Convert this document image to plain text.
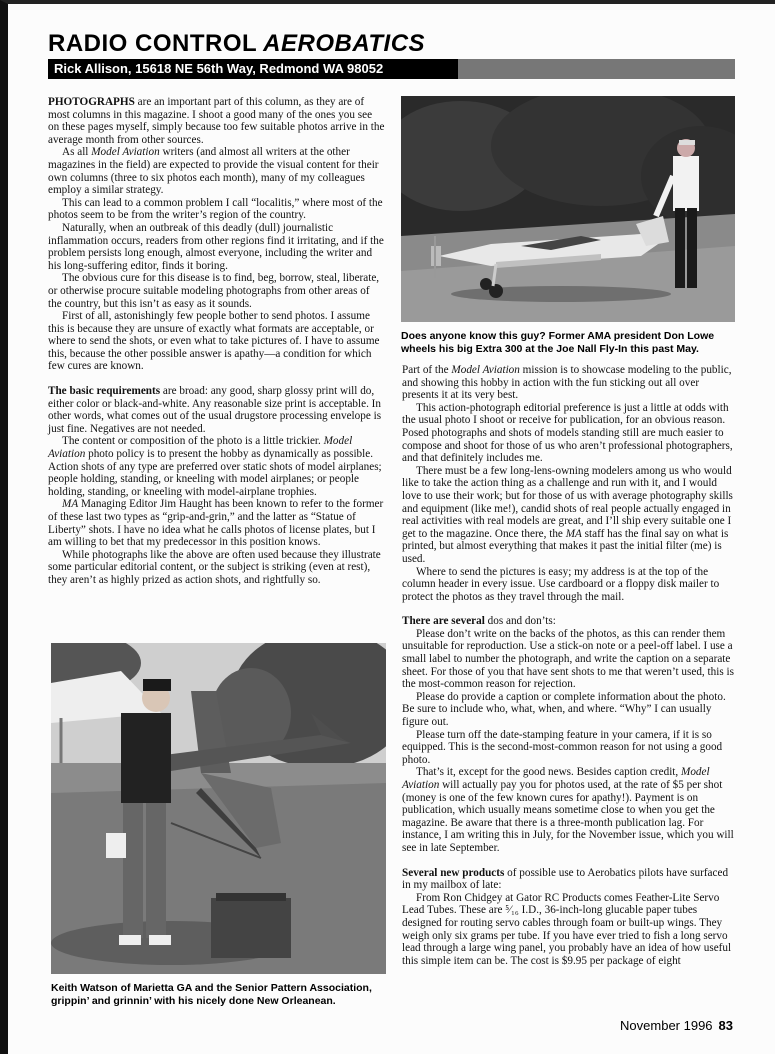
RADIO CONTROL AEROBATICS
Rick Allison, 15618 NE 56th Way, Redmond WA 98052

PHOTOGRAPHS are an important part of this column, as they are of most columns in this magazine. I shoot a good many of the ones you see on these pages myself, simply because too few suitable photos arrive in the average month from other sources.

As all Model Aviation writers (and almost all writers at the other magazines in the field) are expected to provide the visual content for their own columns (three to six photos each month), many of my colleagues employ a similar strategy.

This can lead to a common problem I call “localitis,” where most of the photos seem to be from the writer’s region of the country.

Naturally, when an outbreak of this deadly (dull) journalistic inflammation occurs, readers from other regions find it irritating, and if the problem persists long enough, almost everyone, including the writer and his long-suffering editor, finds it boring.

The obvious cure for this disease is to find, beg, borrow, steal, liberate, or otherwise procure suitable modeling photographs from other areas of the country, but this isn’t as easy as it sounds.

First of all, astonishingly few people bother to send photos. I assume this is because they are unsure of exactly what formats are acceptable, or where to send the shots, or even what to take pictures of. I have to assume this, because the other possible answer is apathy—a condition for which few cures are known.

The basic requirements are broad: any good, sharp glossy print will do, either color or black-and-white. Any reasonable size print is acceptable. In other words, what comes out of the usual drugstore processing envelope is just fine. Negatives are not needed.

The content or composition of the photo is a little trickier. Model Aviation photo policy is to present the hobby as dynamically as possible. Action shots of any type are preferred over static shots of model airplanes; people holding, standing, or kneeling with model airplanes; or people holding, standing, or kneeling with model-airplane trophies.

MA Managing Editor Jim Haught has been known to refer to the former of these last two types as “grip-and-grin,” and the latter as “Statue of Liberty” shots. I have no idea what he calls photos of license plates, but I am willing to bet that my predecessor in this position knows.

While photographs like the above are often used because they illustrate some particular editorial content, or the subject is striking (even at rest), they aren’t as highly prized as action shots, and rightfully so.

Does anyone know this guy? Former AMA president Don Lowe wheels his big Extra 300 at the Joe Nall Fly-In this past May.

Part of the Model Aviation mission is to showcase modeling to the public, and showing this hobby in action with the fun sticking out all over presents it at its very best.

This action-photograph editorial preference is just a little at odds with the usual photo I shoot or receive for publication, for an obvious reason. Posed photographs and shots of models standing still are much easier to compose and shoot for those of us who aren’t professional photographers, and that definitely includes me.

There must be a few long-lens-owning modelers among us who would like to take the action thing as a challenge and run with it, and I would love to use their work; but for those of us with average photography skills and equipment (like me!), candid shots of real people actually engaged in real activities with real models are great, and I’ll ship every suitable one I get to the magazine. Once there, the MA staff has the final say on what is printed, but almost everything that makes it past the initial filter (me) is used.

Where to send the pictures is easy; my address is at the top of the column header in every issue. Use cardboard or a floppy disk mailer to protect the photos as they travel through the mail.

There are several dos and don’ts:

Please don’t write on the backs of the photos, as this can render them unsuitable for reproduction. Use a stick-on note or a peel-off label. I use a small label to number the photograph, and write the caption on a separate sheet. For those of you that have sent shots to me that weren’t used, this is the most-common reason for rejection.

Please do provide a caption or complete information about the photo. Be sure to include who, what, when, and where. “Why” I can usually figure out.

Please turn off the date-stamping feature in your camera, if it is so equipped. This is the second-most-common reason for not using a good photo.

That’s it, except for the good news. Besides caption credit, Model Aviation will actually pay you for photos used, at the rate of $5 per shot (money is one of the few known cures for apathy!). Payment is on publication, which usually means sometime close to when you get the magazine. Be aware that there is a three-month publication lag. For instance, I am writing this in July, for the November issue, which you will see in late September.

Several new products of possible use to Aerobatics pilots have surfaced in my mailbox of late:

From Ron Chidgey at Gator RC Products comes Feather-Lite Servo Lead Tubes. These are ⁵⁄₁₆ I.D., 36-inch-long glucable paper tubes designed for routing servo cables through foam or built-up wings. They weigh only six grams per tube. If you have ever tried to fish a long servo lead through a large wing panel, you probably have an idea of how useful this simple item can be. The cost is $9.95 per package of eight

Keith Watson of Marietta GA and the Senior Pattern Association, grippin’ and grinnin’ with his nicely done New Orleanean.
November 1996 83
